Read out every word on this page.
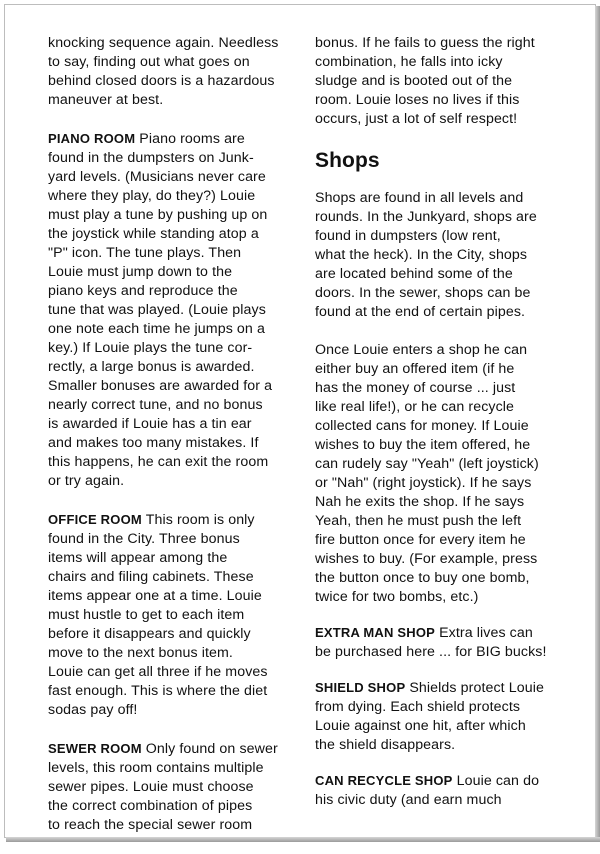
knocking sequence again. Needless
to say, finding out what goes on
behind closed doors is a hazardous
maneuver at best.
PIANO ROOM Piano rooms are
found in the dumpsters on Junk-
yard levels. (Musicians never care
where they play, do they?) Louie
must play a tune by pushing up on
the joystick while standing atop a
"P" icon. The tune plays. Then
Louie must jump down to the
piano keys and reproduce the
tune that was played. (Louie plays
one note each time he jumps on a
key.) If Louie plays the tune cor-
rectly, a large bonus is awarded.
Smaller bonuses are awarded for a
nearly correct tune, and no bonus
is awarded if Louie has a tin ear
and makes too many mistakes. If
this happens, he can exit the room
or try again.
OFFICE ROOM This room is only
found in the City. Three bonus
items will appear among the
chairs and filing cabinets. These
items appear one at a time. Louie
must hustle to get to each item
before it disappears and quickly
move to the next bonus item.
Louie can get all three if he moves
fast enough. This is where the diet
sodas pay off!
SEWER ROOM Only found on sewer
levels, this room contains multiple
sewer pipes. Louie must choose
the correct combination of pipes
to reach the special sewer room
bonus. If he fails to guess the right
combination, he falls into icky
sludge and is booted out of the
room. Louie loses no lives if this
occurs, just a lot of self respect!
Shops
Shops are found in all levels and
rounds. In the Junkyard, shops are
found in dumpsters (low rent,
what the heck). In the City, shops
are located behind some of the
doors. In the sewer, shops can be
found at the end of certain pipes.
Once Louie enters a shop he can
either buy an offered item (if he
has the money of course ... just
like real life!), or he can recycle
collected cans for money. If Louie
wishes to buy the item offered, he
can rudely say "Yeah" (left joystick)
or "Nah" (right joystick). If he says
Nah he exits the shop. If he says
Yeah, then he must push the left
fire button once for every item he
wishes to buy. (For example, press
the button once to buy one bomb,
twice for two bombs, etc.)
EXTRA MAN SHOP Extra lives can
be purchased here ... for BIG bucks!
SHIELD SHOP Shields protect Louie
from dying. Each shield protects
Louie against one hit, after which
the shield disappears.
CAN RECYCLE SHOP Louie can do
his civic duty (and earn much
